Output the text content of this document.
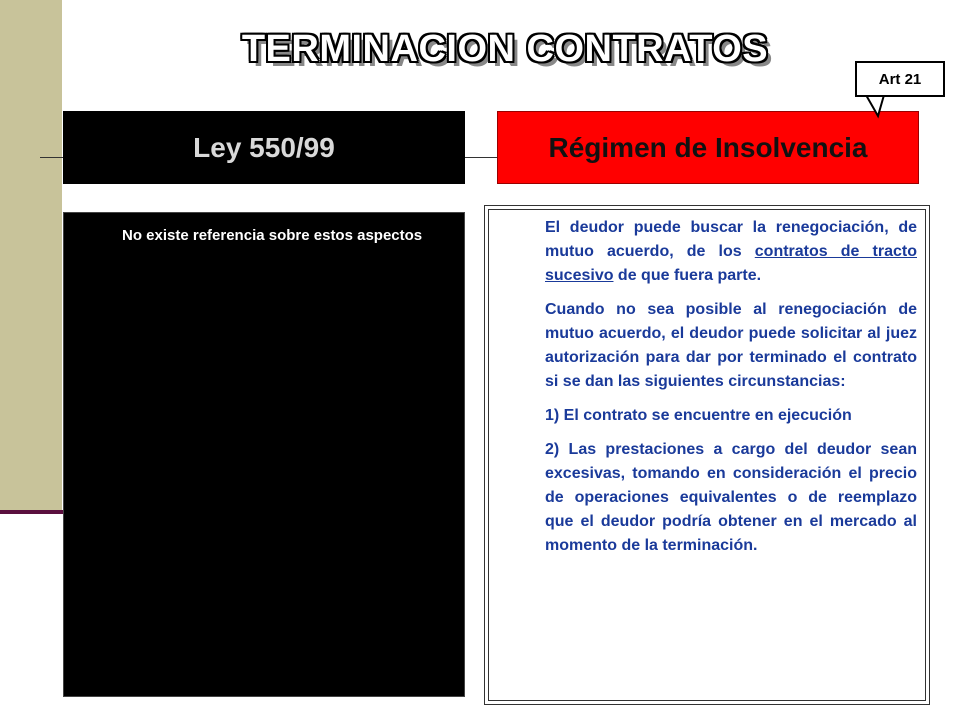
TERMINACION CONTRATOS
Ley 550/99	Régimen de Insolvencia
Art 21
No existe referencia sobre estos aspectos	El deudor puede buscar la renegociación, de mutuo acuerdo, de los contratos de tracto sucesivo de que fuera parte.

Cuando no sea posible al renegociación de mutuo acuerdo, el deudor puede solicitar al juez autorización para dar por terminado el contrato si se dan las siguientes circunstancias:

1) El contrato se encuentre en ejecución

2) Las prestaciones a cargo del deudor sean excesivas, tomando en consideración el precio de operaciones equivalentes o de reemplazo que el deudor podría obtener en el mercado al momento de la terminación.
